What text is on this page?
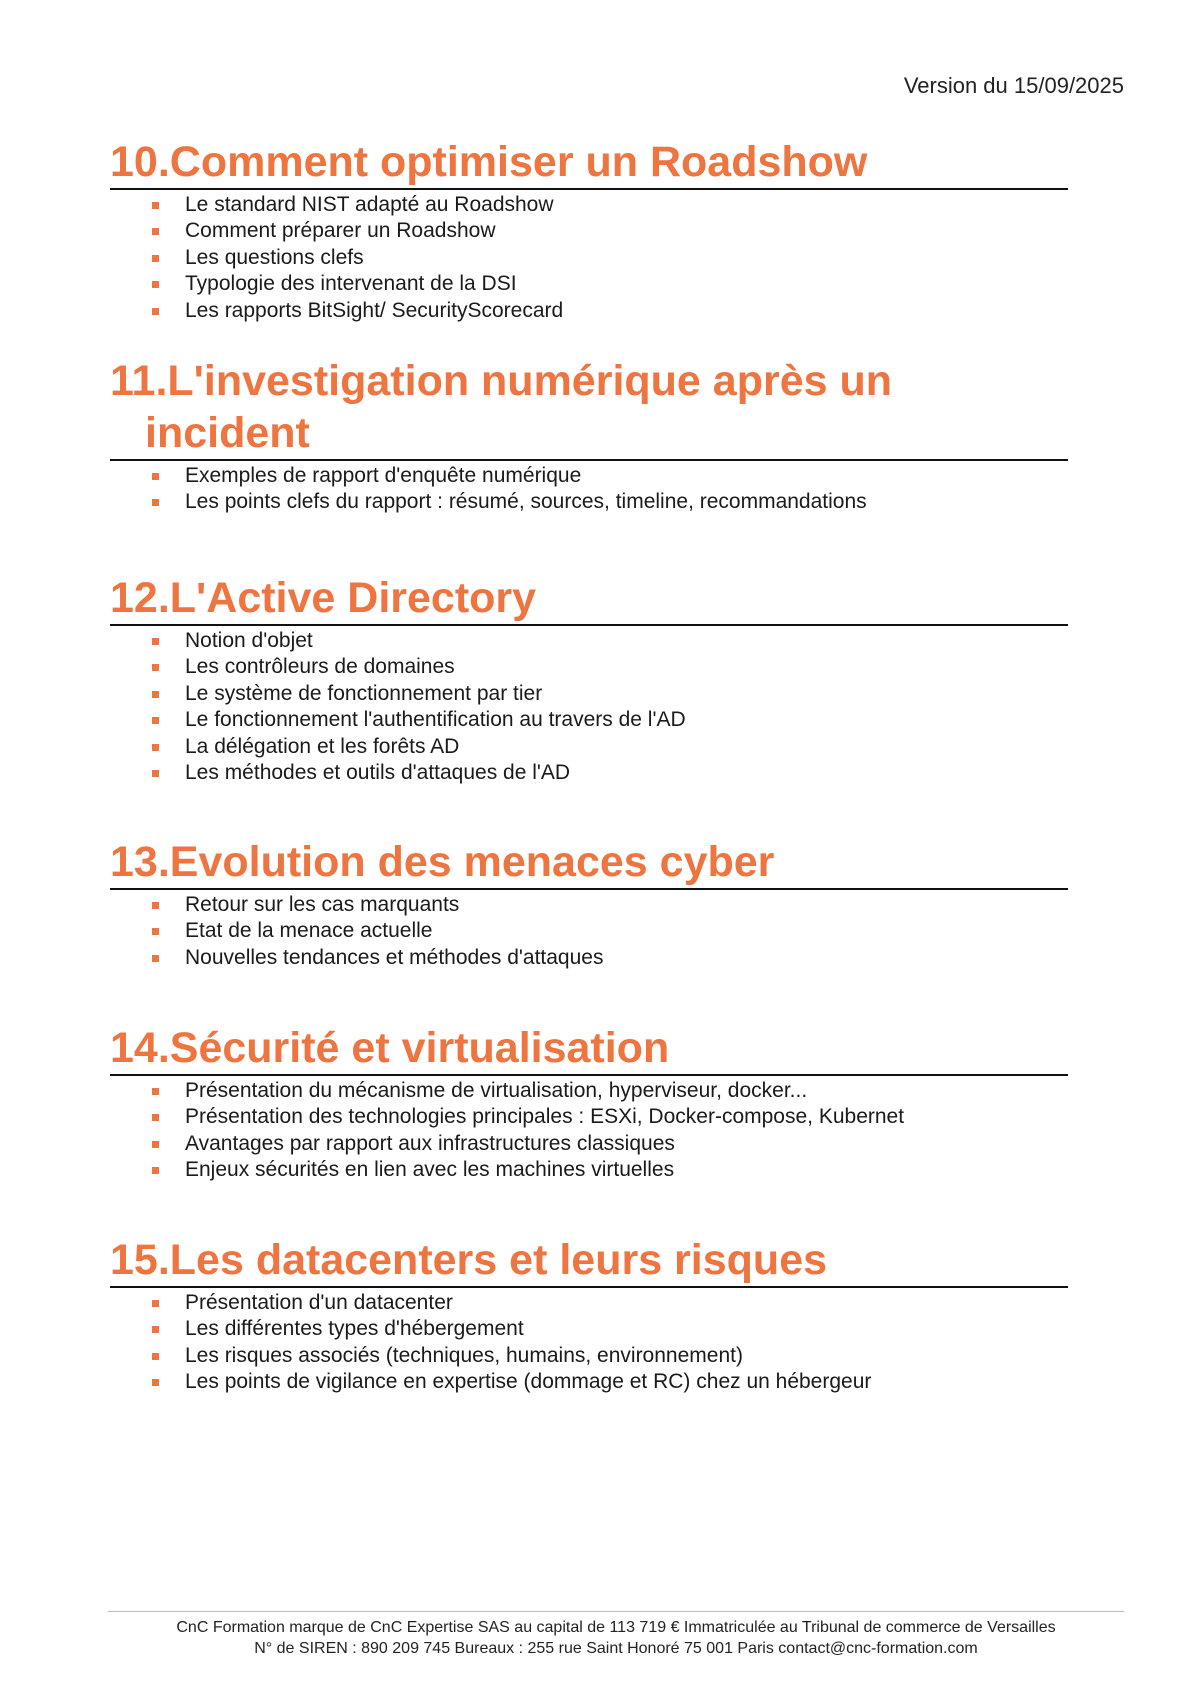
Version du 15/09/2025
10.Comment optimiser un Roadshow
Le standard NIST adapté au Roadshow
Comment préparer un Roadshow
Les questions clefs
Typologie des intervenant de la DSI
Les rapports BitSight/ SecurityScorecard
11.L'investigation numérique après un
incident
Exemples de rapport d'enquête numérique
Les points clefs du rapport : résumé, sources, timeline, recommandations
12.L'Active Directory
Notion d'objet
Les contrôleurs de domaines
Le système de fonctionnement par tier
Le fonctionnement l'authentification au travers de l'AD
La délégation et les forêts AD
Les méthodes et outils d'attaques de l'AD
13.Evolution des menaces cyber
Retour sur les cas marquants
Etat de la menace actuelle
Nouvelles tendances et méthodes d'attaques
14.Sécurité et virtualisation
Présentation du mécanisme de virtualisation, hyperviseur, docker...
Présentation des technologies principales : ESXi, Docker-compose, Kubernet
Avantages par rapport aux infrastructures classiques
Enjeux sécurités en lien avec les machines virtuelles
15.Les datacenters et leurs risques
Présentation d'un datacenter
Les différentes types d'hébergement
Les risques associés (techniques, humains, environnement)
Les points de vigilance en expertise (dommage et RC) chez un hébergeur
CnC Formation marque de CnC Expertise SAS au capital de 113 719 € Immatriculée au Tribunal de commerce de Versailles
N° de SIREN : 890 209 745 Bureaux : 255 rue Saint Honoré 75 001 Paris contact@cnc-formation.com
